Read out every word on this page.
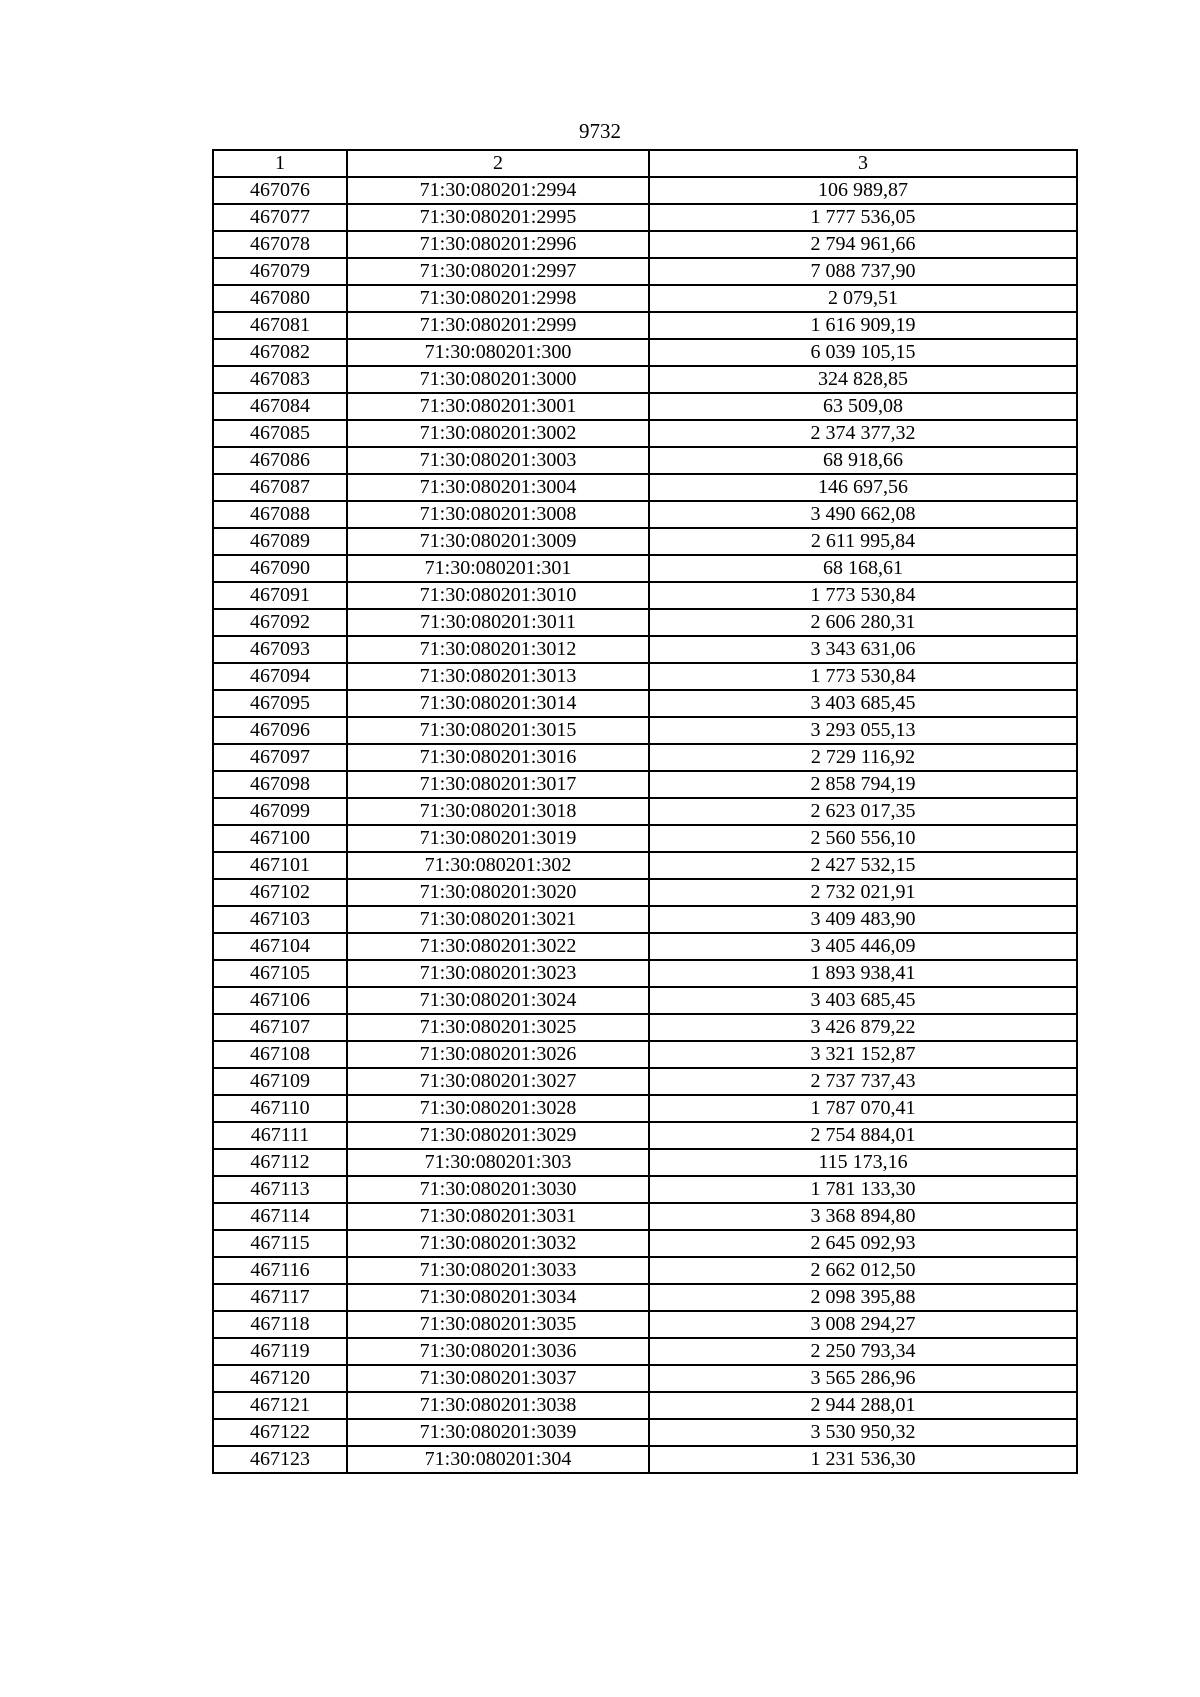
9732
1	2	3
467076	71:30:080201:2994	106 989,87
467077	71:30:080201:2995	1 777 536,05
467078	71:30:080201:2996	2 794 961,66
467079	71:30:080201:2997	7 088 737,90
467080	71:30:080201:2998	2 079,51
467081	71:30:080201:2999	1 616 909,19
467082	71:30:080201:300	6 039 105,15
467083	71:30:080201:3000	324 828,85
467084	71:30:080201:3001	63 509,08
467085	71:30:080201:3002	2 374 377,32
467086	71:30:080201:3003	68 918,66
467087	71:30:080201:3004	146 697,56
467088	71:30:080201:3008	3 490 662,08
467089	71:30:080201:3009	2 611 995,84
467090	71:30:080201:301	68 168,61
467091	71:30:080201:3010	1 773 530,84
467092	71:30:080201:3011	2 606 280,31
467093	71:30:080201:3012	3 343 631,06
467094	71:30:080201:3013	1 773 530,84
467095	71:30:080201:3014	3 403 685,45
467096	71:30:080201:3015	3 293 055,13
467097	71:30:080201:3016	2 729 116,92
467098	71:30:080201:3017	2 858 794,19
467099	71:30:080201:3018	2 623 017,35
467100	71:30:080201:3019	2 560 556,10
467101	71:30:080201:302	2 427 532,15
467102	71:30:080201:3020	2 732 021,91
467103	71:30:080201:3021	3 409 483,90
467104	71:30:080201:3022	3 405 446,09
467105	71:30:080201:3023	1 893 938,41
467106	71:30:080201:3024	3 403 685,45
467107	71:30:080201:3025	3 426 879,22
467108	71:30:080201:3026	3 321 152,87
467109	71:30:080201:3027	2 737 737,43
467110	71:30:080201:3028	1 787 070,41
467111	71:30:080201:3029	2 754 884,01
467112	71:30:080201:303	115 173,16
467113	71:30:080201:3030	1 781 133,30
467114	71:30:080201:3031	3 368 894,80
467115	71:30:080201:3032	2 645 092,93
467116	71:30:080201:3033	2 662 012,50
467117	71:30:080201:3034	2 098 395,88
467118	71:30:080201:3035	3 008 294,27
467119	71:30:080201:3036	2 250 793,34
467120	71:30:080201:3037	3 565 286,96
467121	71:30:080201:3038	2 944 288,01
467122	71:30:080201:3039	3 530 950,32
467123	71:30:080201:304	1 231 536,30
